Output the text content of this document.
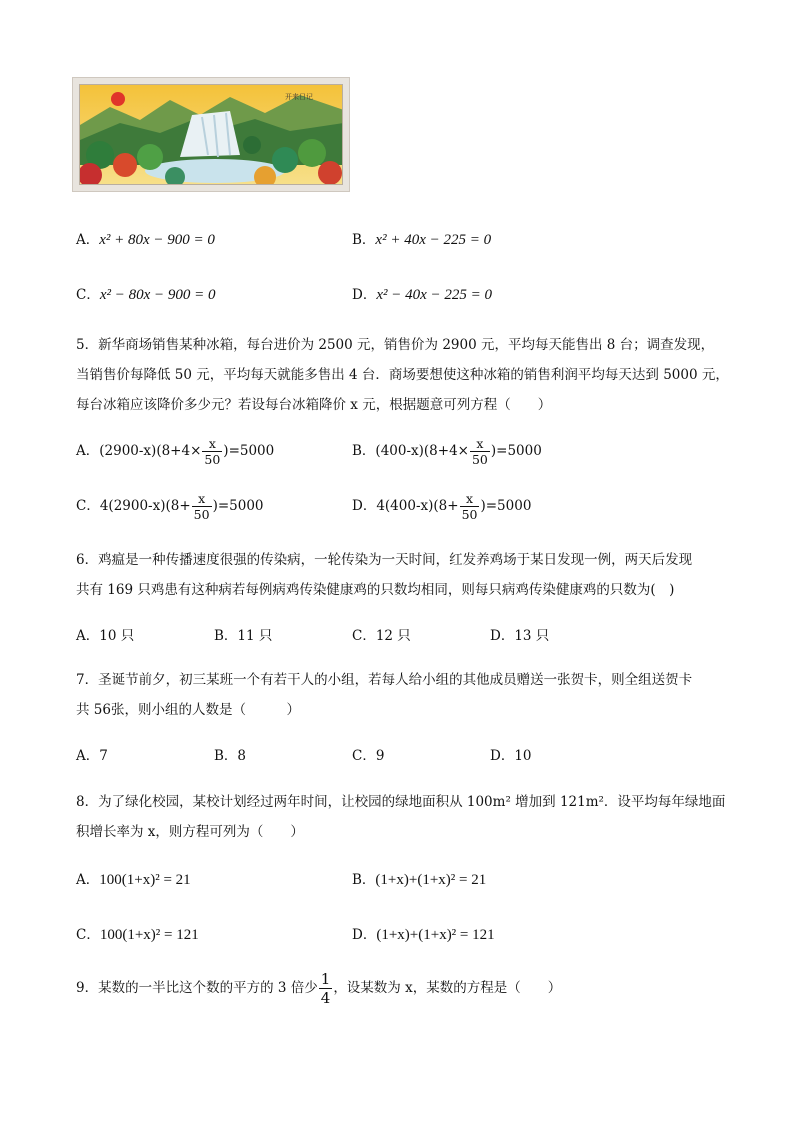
开来日记
A．x² + 80x − 900 = 0	B．x² + 40x − 225 = 0
C．x² − 80x − 900 = 0	D．x² − 40x − 225 = 0
5．新华商场销售某种冰箱，每台进价为 2500 元，销售价为 2900 元，平均每天能售出 8 台；调查发现，
当销售价每降低 50 元，平均每天就能多售出 4 台．商场要想使这种冰箱的销售利润平均每天达到 5000 元，
每台冰箱应该降价多少元？若设每台冰箱降价 x 元，根据题意可列方程（　　）
A．$(2900-x)(8+4\times \frac{x}{50} )=5000$	B．$(400-x)(8+4\times \frac{x}{50} )=5000$
C．$4(2900-x)(8+ \frac{x}{50} )=5000$	D．$4(400-x)(8+ \frac{x}{50} )=5000$
6．鸡瘟是一种传播速度很强的传染病，一轮传染为一天时间，红发养鸡场于某日发现一例，两天后发现
共有 169 只鸡患有这种病若每例病鸡传染健康鸡的只数均相同，则每只病鸡传染健康鸡的只数为(　)
A．10 只	B．11 只	C．12 只	D．13 只
7．圣诞节前夕，初三某班一个有若干人的小组，若每人给小组的其他成员赠送一张贺卡，则全组送贺卡
共 56张，则小组的人数是（　　　）
A．7	B．8	C．9	D．10
8．为了绿化校园，某校计划经过两年时间，让校园的绿地面积从 100m² 增加到 121m²．设平均每年绿地面
积增长率为 x，则方程可列为（　　）
A．100(1+x)² = 21	B．(1+x)+(1+x)² = 21
C．100(1+x)² = 121	D．(1+x)+(1+x)² = 121
9．某数的一半比这个数的平方的 3 倍少 $\frac{1}{4}$ ，设某数为 x，某数的方程是（　　）
